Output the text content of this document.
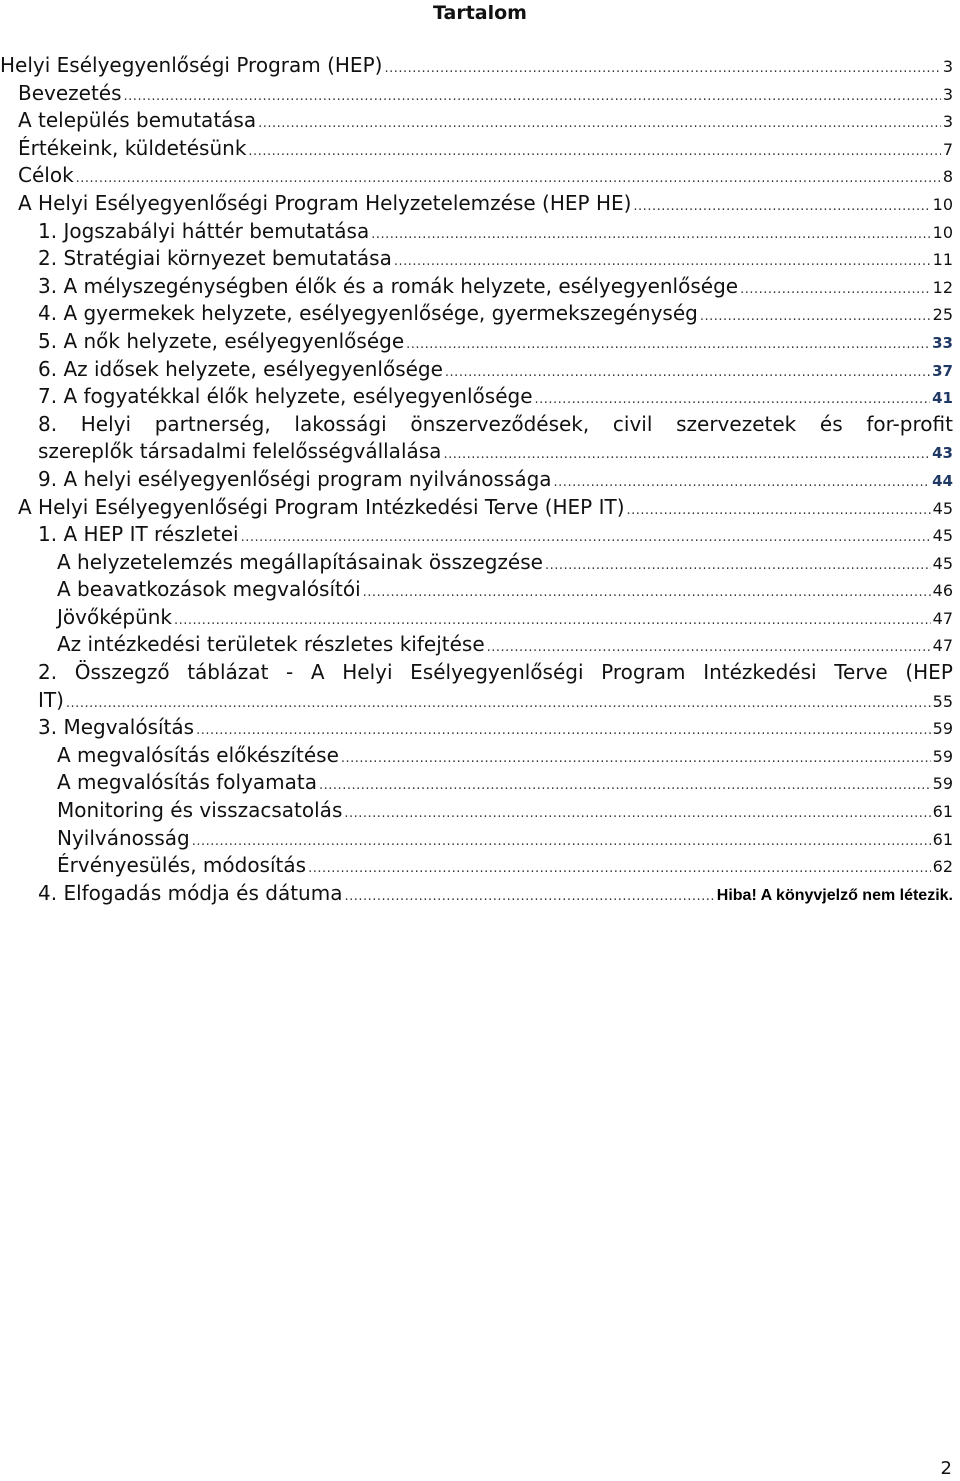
Tartalom
Helyi Esélyegyenlőségi Program (HEP) .....	3
Bevezetés .....	3
A település bemutatása .....	3
Értékeink, küldetésünk .....	7
Célok .....	8
A Helyi Esélyegyenlőségi Program Helyzetelemzése (HEP HE) .....	10
1. Jogszabályi háttér bemutatása .....	10
2. Stratégiai környezet bemutatása .....	11
3. A mélyszegénységben élők és a romák helyzete, esélyegyenlősége .....	12
4. A gyermekek helyzete, esélyegyenlősége, gyermekszegénység .....	25
5. A nők helyzete, esélyegyenlősége .....	33
6. Az idősek helyzete, esélyegyenlősége .....	37
7. A fogyatékkal élők helyzete, esélyegyenlősége .....	41
8. Helyi partnerség, lakossági önszerveződések, civil szervezetek és for-profit
szereplők társadalmi felelősségvállalása .....	43
9. A helyi esélyegyenlőségi program nyilvánossága .....	44
A Helyi Esélyegyenlőségi Program Intézkedési Terve (HEP IT) .....	45
1. A HEP IT részletei .....	45
A helyzetelemzés megállapításainak összegzése .....	45
A beavatkozások megvalósítói .....	46
Jövőképünk .....	47
Az intézkedési területek részletes kifejtése .....	47
2. Összegző táblázat - A Helyi Esélyegyenlőségi Program Intézkedési Terve (HEP
IT) .....	55
3. Megvalósítás .....	59
A megvalósítás előkészítése .....	59
A megvalósítás folyamata .....	59
Monitoring és visszacsatolás .....	61
Nyilvánosság .....	61
Érvényesülés, módosítás .....	62
4. Elfogadás módja és dátuma .....	Hiba! A könyvjelző nem létezik.
2
